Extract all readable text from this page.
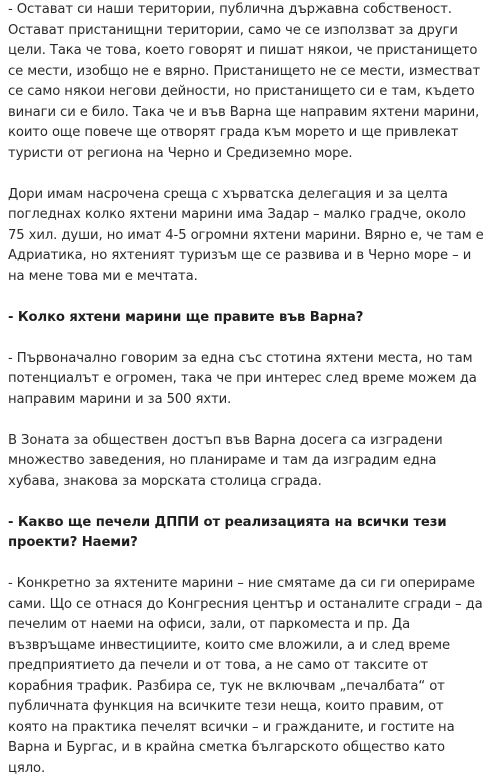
- Остават си наши територии, публична държавна собственост. Остават пристанищни територии, само че се използват за други цели. Така че това, което говорят и пишат някои, че пристанището се мести, изобщо не е вярно. Пристанището не се мести, изместват се само някои негови дейности, но пристанището си е там, където винаги си е било. Така че и във Варна ще направим яхтени марини, които още повече ще отворят града към морето и ще привлекат туристи от региона на Черно и Средиземно море.

Дори имам насрочена среща с хърватска делегация и за целта погледнах колко яхтени марини има Задар – малко градче, около 75 хил. души, но имат 4-5 огромни яхтени марини. Вярно е, че там е Адриатика, но яхтеният туризъм ще се развива и в Черно море – и на мене това ми е мечтата.

- Колко яхтени марини ще правите във Варна?

- Първоначално говорим за една със стотина яхтени места, но там потенциалът е огромен, така че при интерес след време можем да направим марини и за 500 яхти.

В Зоната за обществен достъп във Варна досега са изградени множество заведения, но планираме и там да изградим една хубава, знакова за морската столица сграда.

- Какво ще печели ДППИ от реализацията на всички тези проекти? Наеми?

- Конкретно за яхтените марини – ние смятаме да си ги оперираме сами. Що се отнася до Конгресния център и останалите сгради – да печелим от наеми на офиси, зали, от паркоместа и пр. Да възвръщаме инвестициите, които сме вложили, а и след време предприятието да печели и от това, а не само от таксите от корабния трафик. Разбира се, тук не включвам „печалбата“ от публичната функция на всичките тези неща, които правим, от която на практика печелят всички – и гражданите, и гостите на Варна и Бургас, и в крайна сметка българското общество като цяло.
